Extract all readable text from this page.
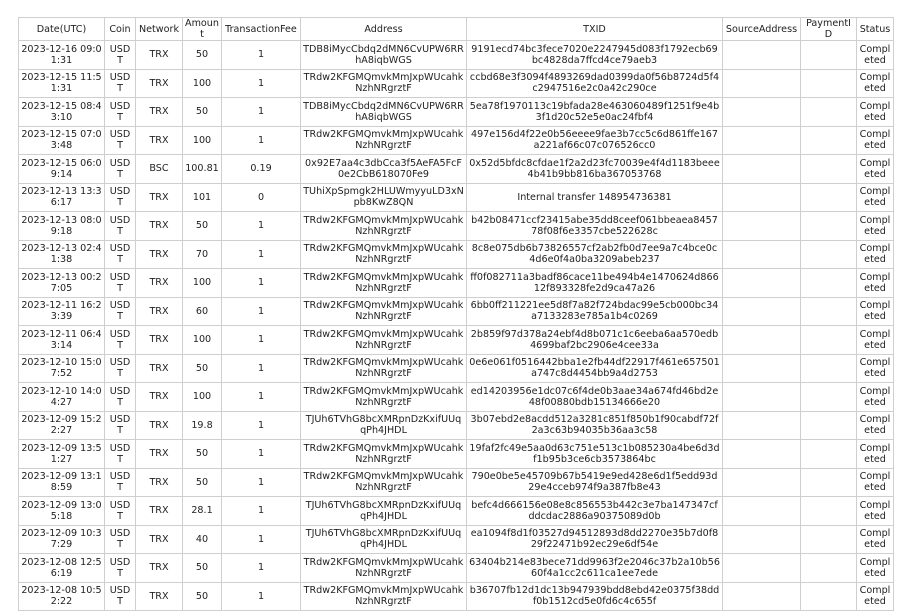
Date(UTC)	Coin	Network	Amount	TransactionFee	Address	TXID	SourceAddress	PaymentID	Status
2023-12-16 09:01:31	USDT	TRX	50	1	TDB8iMycCbdq2dMN6CvUPW6RRhA8iqbWGS	9191ecd74bc3fece7020e2247945d083f1792ecb69bc4828da7ffcd4ce79aeb3			Completed
2023-12-15 11:51:31	USDT	TRX	100	1	TRdw2KFGMQmvkMmJxpWUcahkNzhNRgrztF	ccbd68e3f3094f4893269dad0399da0f56b8724d5f4c2947516e2c0a42c290ce			Completed
2023-12-15 08:43:10	USDT	TRX	50	1	TDB8iMycCbdq2dMN6CvUPW6RRhA8iqbWGS	5ea78f1970113c19bfada28e463060489f1251f9e4b3f1d20c52e5e0ac24fbf4			Completed
2023-12-15 07:03:48	USDT	TRX	100	1	TRdw2KFGMQmvkMmJxpWUcahkNzhNRgrztF	497e156d4f22e0b56eeee9fae3b7cc5c6d861ffe167a221af66c07c076526cc0			Completed
2023-12-15 06:09:14	USDT	BSC	100.81	0.19	0x92E7aa4c3dbCca3f5AeFA5FcF0e2CbB618070Fe9	0x52d5bfdc8cfdae1f2a2d23fc70039e4f4d1183beee4b41b9bb816ba367053768			Completed
2023-12-13 13:36:17	USDT	TRX	101	0	TUhiXpSpmgk2HLUWmyyuLD3xNpb8KwZ8QN	Internal transfer 148954736381			Completed
2023-12-13 08:09:18	USDT	TRX	50	1	TRdw2KFGMQmvkMmJxpWUcahkNzhNRgrztF	b42b08471ccf23415abe35dd8ceef061bbeaea845778f08f6e3357cbe522628c			Completed
2023-12-13 02:41:38	USDT	TRX	70	1	TRdw2KFGMQmvkMmJxpWUcahkNzhNRgrztF	8c8e075db6b73826557cf2ab2fb0d7ee9a7c4bce0c4d6e0f4a0ba3209abeb237			Completed
2023-12-13 00:27:05	USDT	TRX	100	1	TRdw2KFGMQmvkMmJxpWUcahkNzhNRgrztF	ff0f082711a3badf86cace11be494b4e1470624d86612f893328fe2d9ca47a26			Completed
2023-12-11 16:23:39	USDT	TRX	60	1	TRdw2KFGMQmvkMmJxpWUcahkNzhNRgrztF	6bb0ff211221ee5d8f7a82f724bdac99e5cb000bc34a7133283e785a1b4c0269			Completed
2023-12-11 06:43:14	USDT	TRX	100	1	TRdw2KFGMQmvkMmJxpWUcahkNzhNRgrztF	2b859f97d378a24ebf4d8b071c1c6eeba6aa570edb4699baf2bc2906e4cee33a			Completed
2023-12-10 15:07:52	USDT	TRX	50	1	TRdw2KFGMQmvkMmJxpWUcahkNzhNRgrztF	0e6e061f0516442bba1e2fb44df22917f461e657501a747c8d4454bb9a4d2753			Completed
2023-12-10 14:04:27	USDT	TRX	100	1	TRdw2KFGMQmvkMmJxpWUcahkNzhNRgrztF	ed14203956e1dc07c6f4de0b3aae34a674fd46bd2e48f00880bdb15134666e20			Completed
2023-12-09 15:22:27	USDT	TRX	19.8	1	TJUh6TVhG8bcXMRpnDzKxifUUqqPh4JHDL	3b07ebd2e8acdd512a3281c851f850b1f90cabdf72f2a3c63b94035b36aa3c58			Completed
2023-12-09 13:51:27	USDT	TRX	50	1	TRdw2KFGMQmvkMmJxpWUcahkNzhNRgrztF	19faf2fc49e5aa0d63c751e513c1b085230a4be6d3df1b95b3ce6cb3573864bc			Completed
2023-12-09 13:18:59	USDT	TRX	50	1	TRdw2KFGMQmvkMmJxpWUcahkNzhNRgrztF	790e0be5e45709b67b5419e9ed428e6d1f5edd93d29e4cceb974f9a387fb8e43			Completed
2023-12-09 13:05:18	USDT	TRX	28.1	1	TJUh6TVhG8bcXMRpnDzKxifUUqqPh4JHDL	befc4d666156e08e8c856553b442c3e7ba147347cfddcdac2886a90375089d0b			Completed
2023-12-09 10:37:29	USDT	TRX	40	1	TJUh6TVhG8bcXMRpnDzKxifUUqqPh4JHDL	ea1094f8d1f03527d94512893d8dd2270e35b7d0f829f22471b92ec29e6df54e			Completed
2023-12-08 12:56:19	USDT	TRX	50	1	TRdw2KFGMQmvkMmJxpWUcahkNzhNRgrztF	63404b214e83bece71dd9963f2e2046c37b2a10b5660f4a1cc2c611ca1ee7ede			Completed
2023-12-08 10:52:22	USDT	TRX	50	1	TRdw2KFGMQmvkMmJxpWUcahkNzhNRgrztF	b36707fb12d1dc13b947939bdd8ebd42e0375f38ddf0b1512cd5e0fd6c4c655f			Completed
